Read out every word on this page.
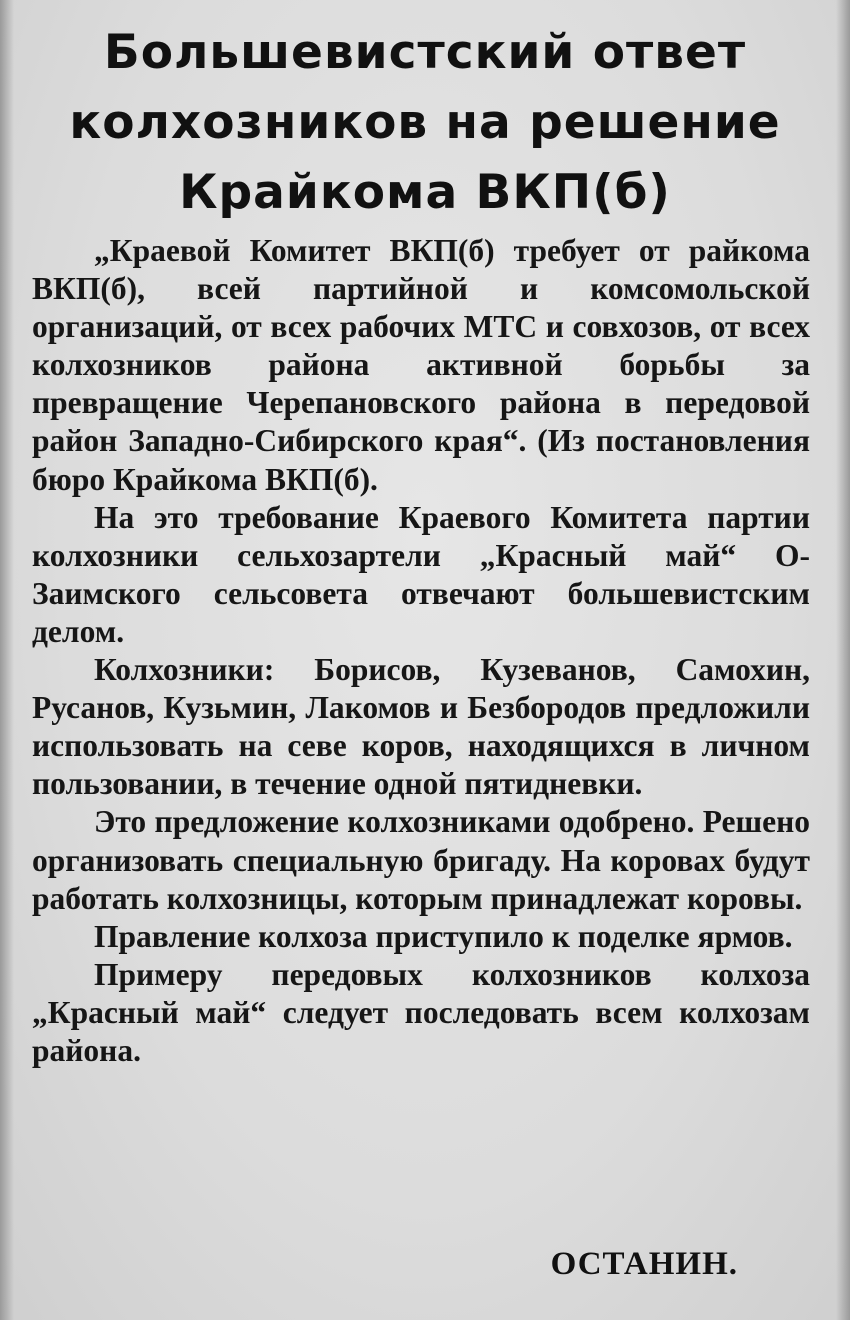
Большевистский ответ
колхозников на решение
Крайкома ВКП(б)

„Краевой Комитет ВКП(б) требует от райкома ВКП(б), всей партийной и комсомольской организаций, от всех рабочих МТС и совхозов, от всех колхозников района активной борьбы за превращение Черепановского района в передовой район Западно-Сибирского края“. (Из постановления бюро Крайкома ВКП(б).

На это требование Краевого Комитета партии колхозники сельхозартели „Красный май“ О-Заимского сельсовета отвечают большевистским делом.

Колхозники: Борисов, Кузеванов, Самохин, Русанов, Кузьмин, Лакомов и Безбородов предложили использовать на севе коров, находящихся в личном пользовании, в течение одной пятидневки.

Это предложение колхозниками одобрено. Решено организовать специальную бригаду. На коровах будут работать колхозницы, которым принадлежат коровы.

Правление колхоза приступило к поделке ярмов.

Примеру передовых колхозников колхоза „Красный май“ следует последовать всем колхозам района.

ОСТАНИН.
